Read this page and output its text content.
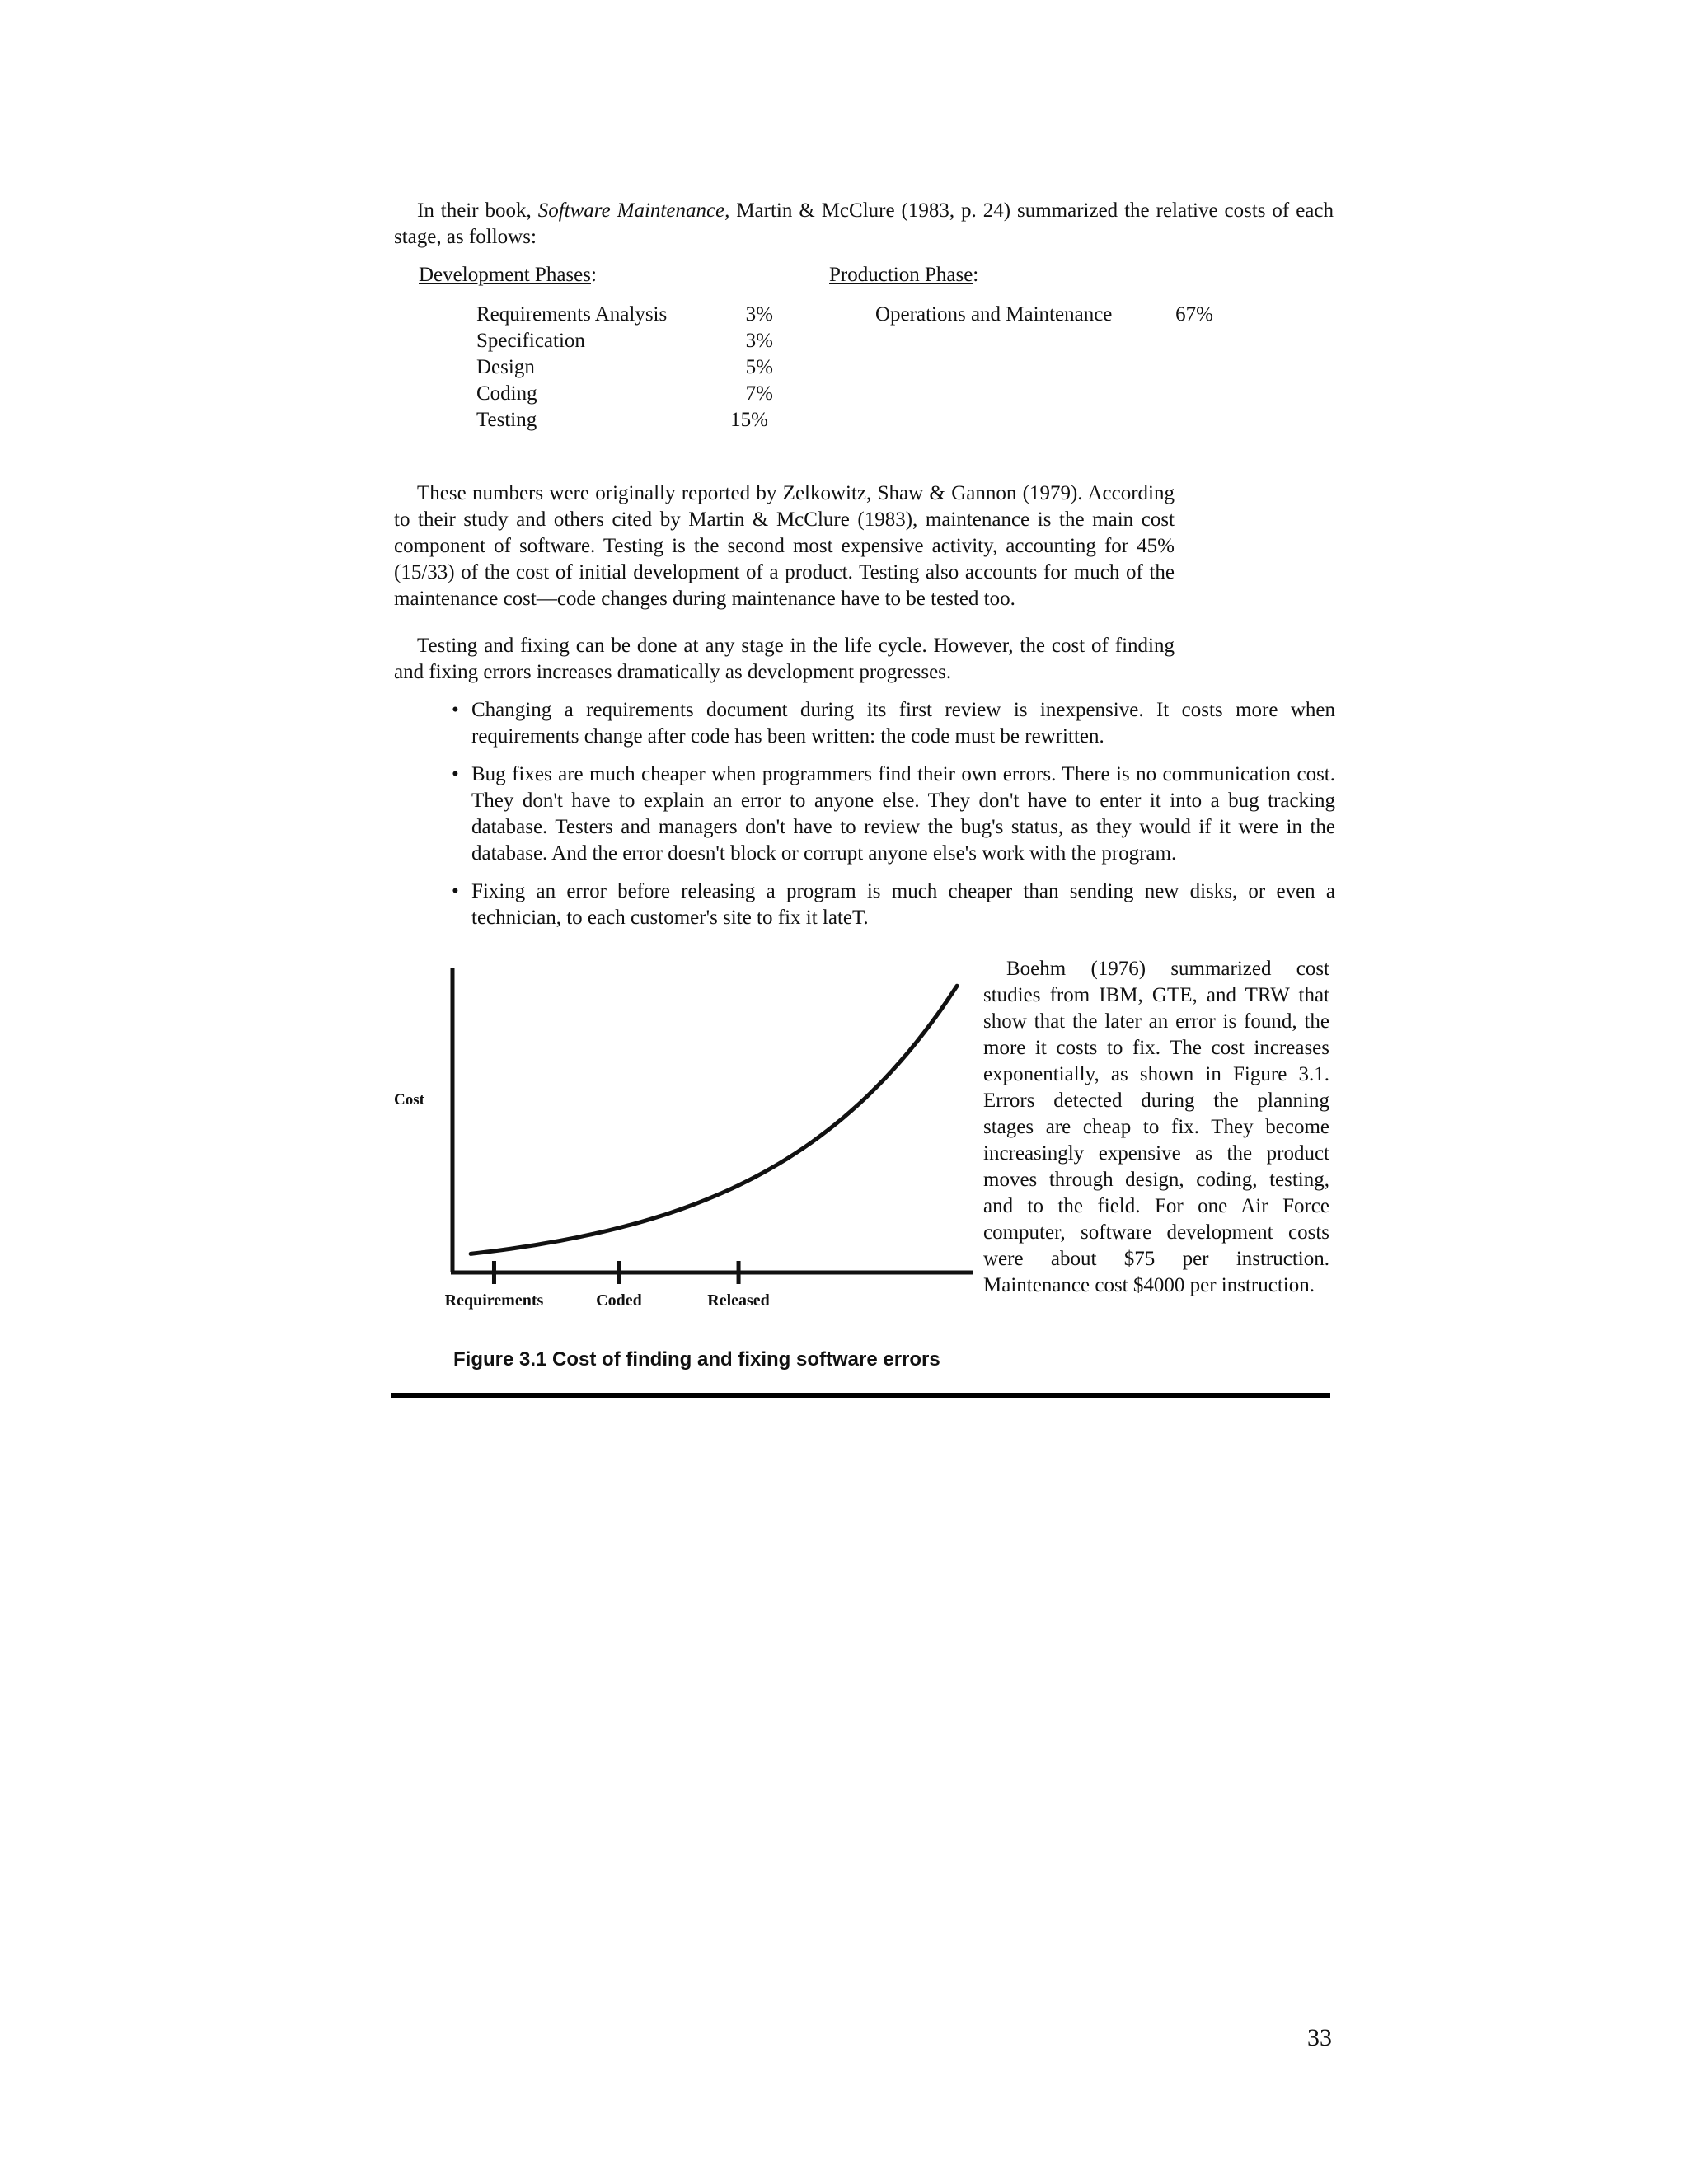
In their book, Software Maintenance, Martin & McClure (1983, p. 24) summarized the relative costs of each stage, as follows:

Development Phases:	Production Phase:
Requirements Analysis	3%
Specification	3%
Design	5%
Coding	7%
Testing	15%
Operations and Maintenance	67%

These numbers were originally reported by Zelkowitz, Shaw & Gannon (1979). According to their study and others cited by Martin & McClure (1983), maintenance is the main cost component of software. Testing is the second most expensive activity, accounting for 45% (15/33) of the cost of initial development of a product. Testing also accounts for much of the maintenance cost—code changes during maintenance have to be tested too.

Testing and fixing can be done at any stage in the life cycle. However, the cost of finding and fixing errors increases dramatically as development progresses.

• Changing a requirements document during its first review is inexpensive. It costs more when requirements change after code has been written: the code must be rewritten.
• Bug fixes are much cheaper when programmers find their own errors. There is no communication cost. They don't have to explain an error to anyone else. They don't have to enter it into a bug tracking database. Testers and managers don't have to review the bug's status, as they would if it were in the database. And the error doesn't block or corrupt anyone else's work with the program.
• Fixing an error before releasing a program is much cheaper than sending new disks, or even a technician, to each customer's site to fix it lateT.
Cost
Requirements	Coded	Released
Figure 3.1 Cost of finding and fixing software errors

Boehm (1976) summarized cost studies from IBM, GTE, and TRW that show that the later an error is found, the more it costs to fix. The cost increases exponentially, as shown in Figure 3.1. Errors detected during the planning stages are cheap to fix. They become increasingly expensive as the product moves through design, coding, testing, and to the field. For one Air Force computer, software development costs were about $75 per instruction. Maintenance cost $4000 per instruction.

33
